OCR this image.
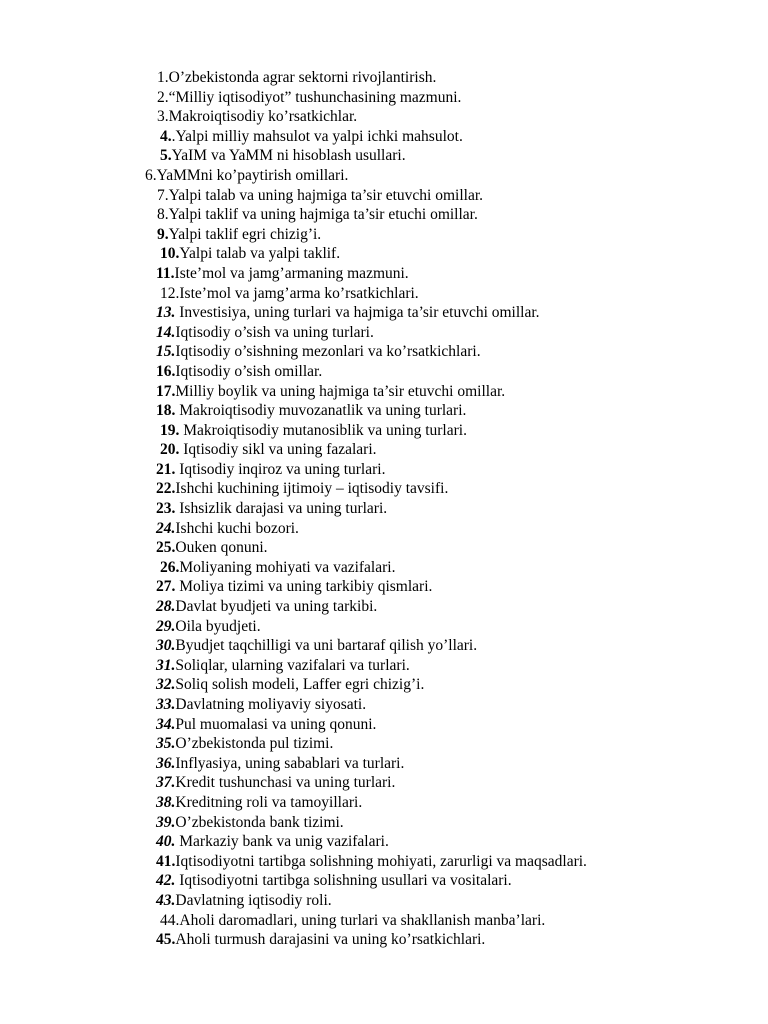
1.O’zbekistonda agrar sektorni rivojlantirish.
2.“Milliy iqtisodiyot” tushunchasining mazmuni.
3.Makroiqtisodiy ko’rsatkichlar.
4..Yalpi milliy mahsulot va yalpi ichki mahsulot.
5.YaIM va YaMM ni hisoblash usullari.
6.YaMMni ko’paytirish omillari.
7.Yalpi talab va uning hajmiga ta’sir etuvchi omillar.
8.Yalpi taklif va uning hajmiga ta’sir etuchi omillar.
9.Yalpi taklif egri chizig’i.
10.Yalpi talab va yalpi taklif.
11.Iste’mol va jamg’armaning mazmuni.
12.Iste’mol va jamg’arma ko’rsatkichlari.
13. Investisiya, uning turlari va hajmiga ta’sir etuvchi omillar.
14.Iqtisodiy o’sish va uning turlari.
15.Iqtisodiy o’sishning mezonlari va ko’rsatkichlari.
16.Iqtisodiy o’sish omillar.
17.Milliy boylik va uning hajmiga ta’sir etuvchi omillar.
18. Makroiqtisodiy muvozanatlik va uning turlari.
19. Makroiqtisodiy mutanosiblik va uning turlari.
20. Iqtisodiy sikl va uning fazalari.
21. Iqtisodiy inqiroz va uning turlari.
22.Ishchi kuchining ijtimoiy – iqtisodiy tavsifi.
23. Ishsizlik darajasi va uning turlari.
24.Ishchi kuchi bozori.
25.Ouken qonuni.
26.Moliyaning mohiyati va vazifalari.
27. Moliya tizimi va uning tarkibiy qismlari.
28.Davlat byudjeti va uning tarkibi.
29.Oila byudjeti.
30.Byudjet taqchilligi va uni bartaraf qilish yo’llari.
31.Soliqlar, ularning vazifalari va turlari.
32.Soliq solish modeli, Laffer egri chizig’i.
33.Davlatning moliyaviy siyosati.
34.Pul muomalasi va uning qonuni.
35.O’zbekistonda pul tizimi.
36.Inflyasiya, uning sabablari va turlari.
37.Kredit tushunchasi va uning turlari.
38.Kreditning roli va tamoyillari.
39.O’zbekistonda bank tizimi.
40. Markaziy bank va unig vazifalari.
41.Iqtisodiyotni tartibga solishning mohiyati, zarurligi va maqsadlari.
42. Iqtisodiyotni tartibga solishning usullari va vositalari.
43.Davlatning iqtisodiy roli.
44.Aholi daromadlari, uning turlari va shakllanish manba’lari.
45.Aholi turmush darajasini va uning ko’rsatkichlari.
